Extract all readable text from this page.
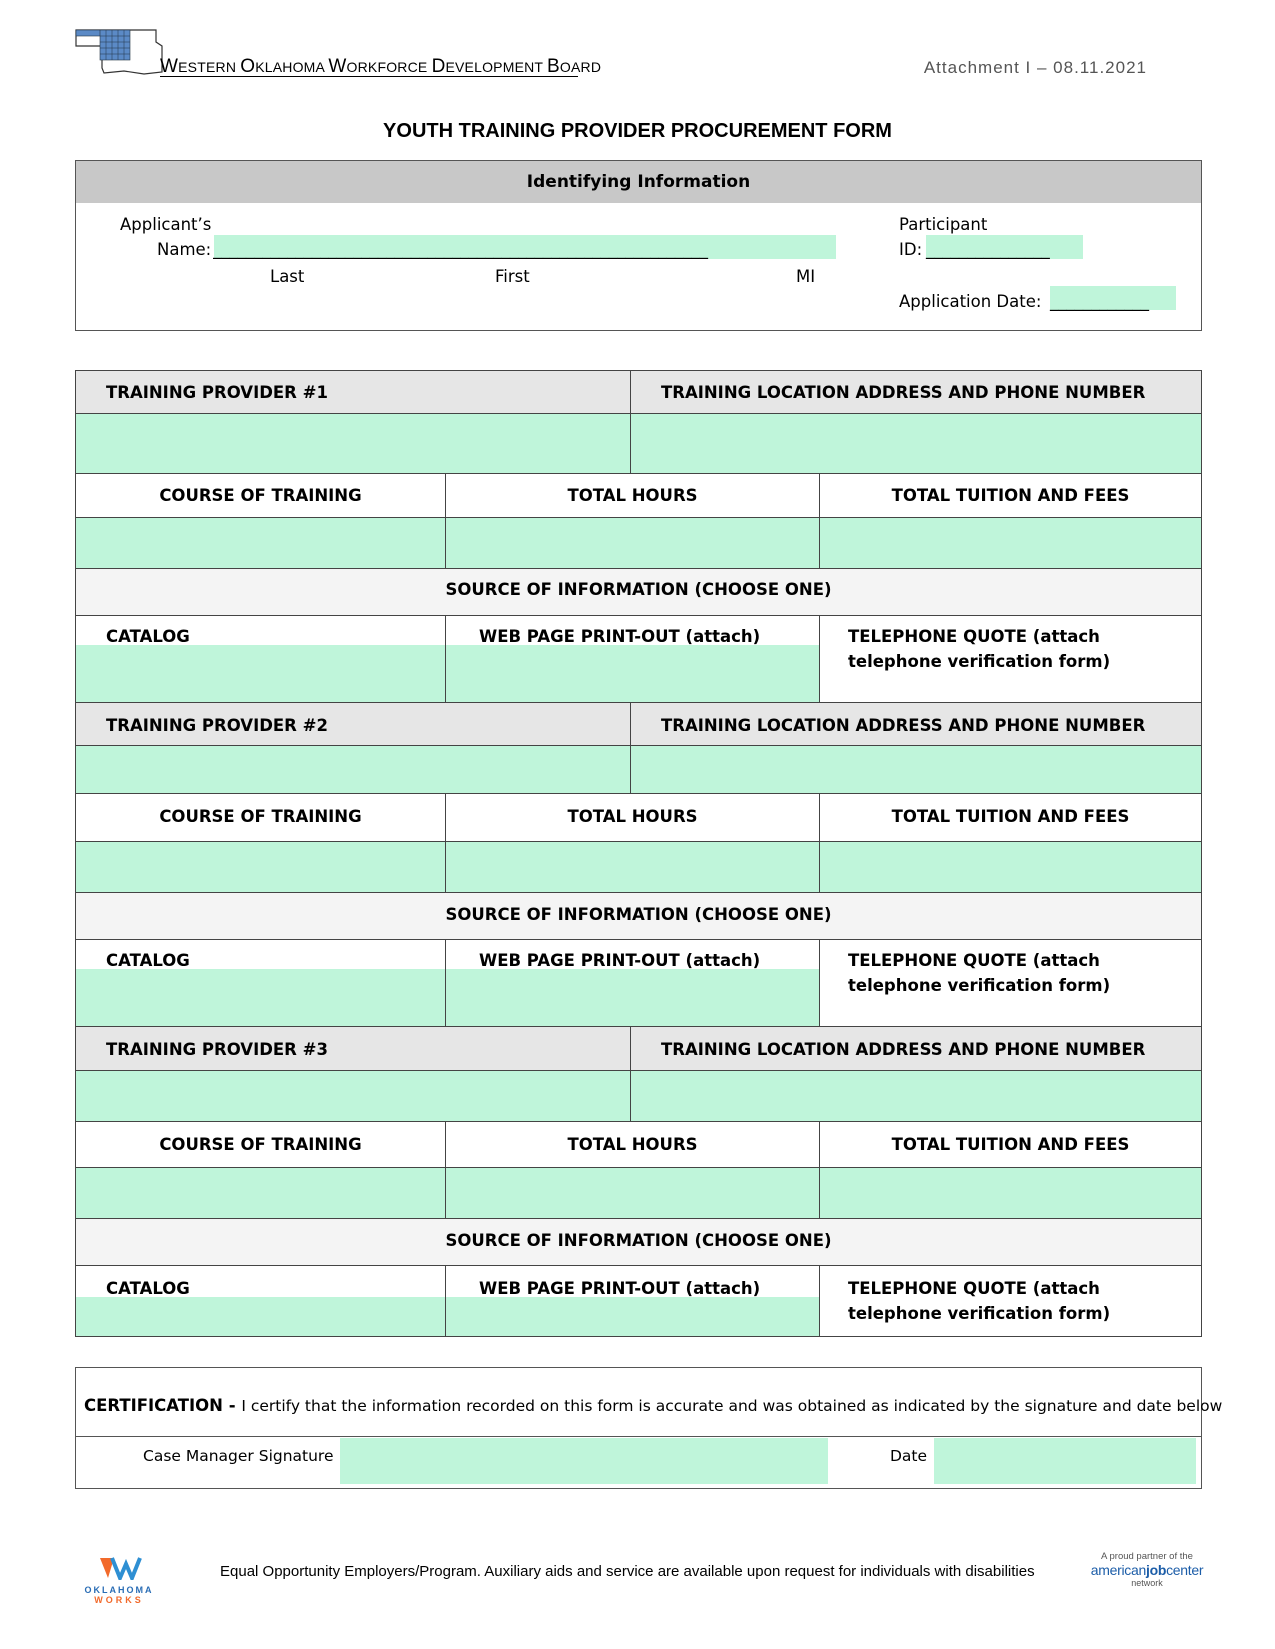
WESTERN OKLAHOMA WORKFORCE DEVELOPMENT BOARD	Attachment I – 08.11.2021
YOUTH TRAINING PROVIDER PROCUREMENT FORM
Identifying Information
Applicant’s
Name: ____________________________________________________________
Last	First	MI
Participant
ID: _______________
Application Date: ____________
TRAINING PROVIDER #1	TRAINING LOCATION ADDRESS AND PHONE NUMBER
COURSE OF TRAINING	TOTAL HOURS	TOTAL TUITION AND FEES
SOURCE OF INFORMATION (CHOOSE ONE)
CATALOG	WEB PAGE PRINT-OUT (attach)	TELEPHONE QUOTE (attach
telephone verification form)
TRAINING PROVIDER #2	TRAINING LOCATION ADDRESS AND PHONE NUMBER
COURSE OF TRAINING	TOTAL HOURS	TOTAL TUITION AND FEES
SOURCE OF INFORMATION (CHOOSE ONE)
CATALOG	WEB PAGE PRINT-OUT (attach)	TELEPHONE QUOTE (attach
telephone verification form)
TRAINING PROVIDER #3	TRAINING LOCATION ADDRESS AND PHONE NUMBER
COURSE OF TRAINING	TOTAL HOURS	TOTAL TUITION AND FEES
SOURCE OF INFORMATION (CHOOSE ONE)
CATALOG	WEB PAGE PRINT-OUT (attach)	TELEPHONE QUOTE (attach
telephone verification form)
CERTIFICATION - I certify that the information recorded on this form is accurate and was obtained as indicated by the signature and date below
Case Manager Signature	Date
OKLAHOMA
WORKS
Equal Opportunity Employers/Program. Auxiliary aids and service are available upon request for individuals with disabilities
A proud partner of the
americanjobcenter
network
